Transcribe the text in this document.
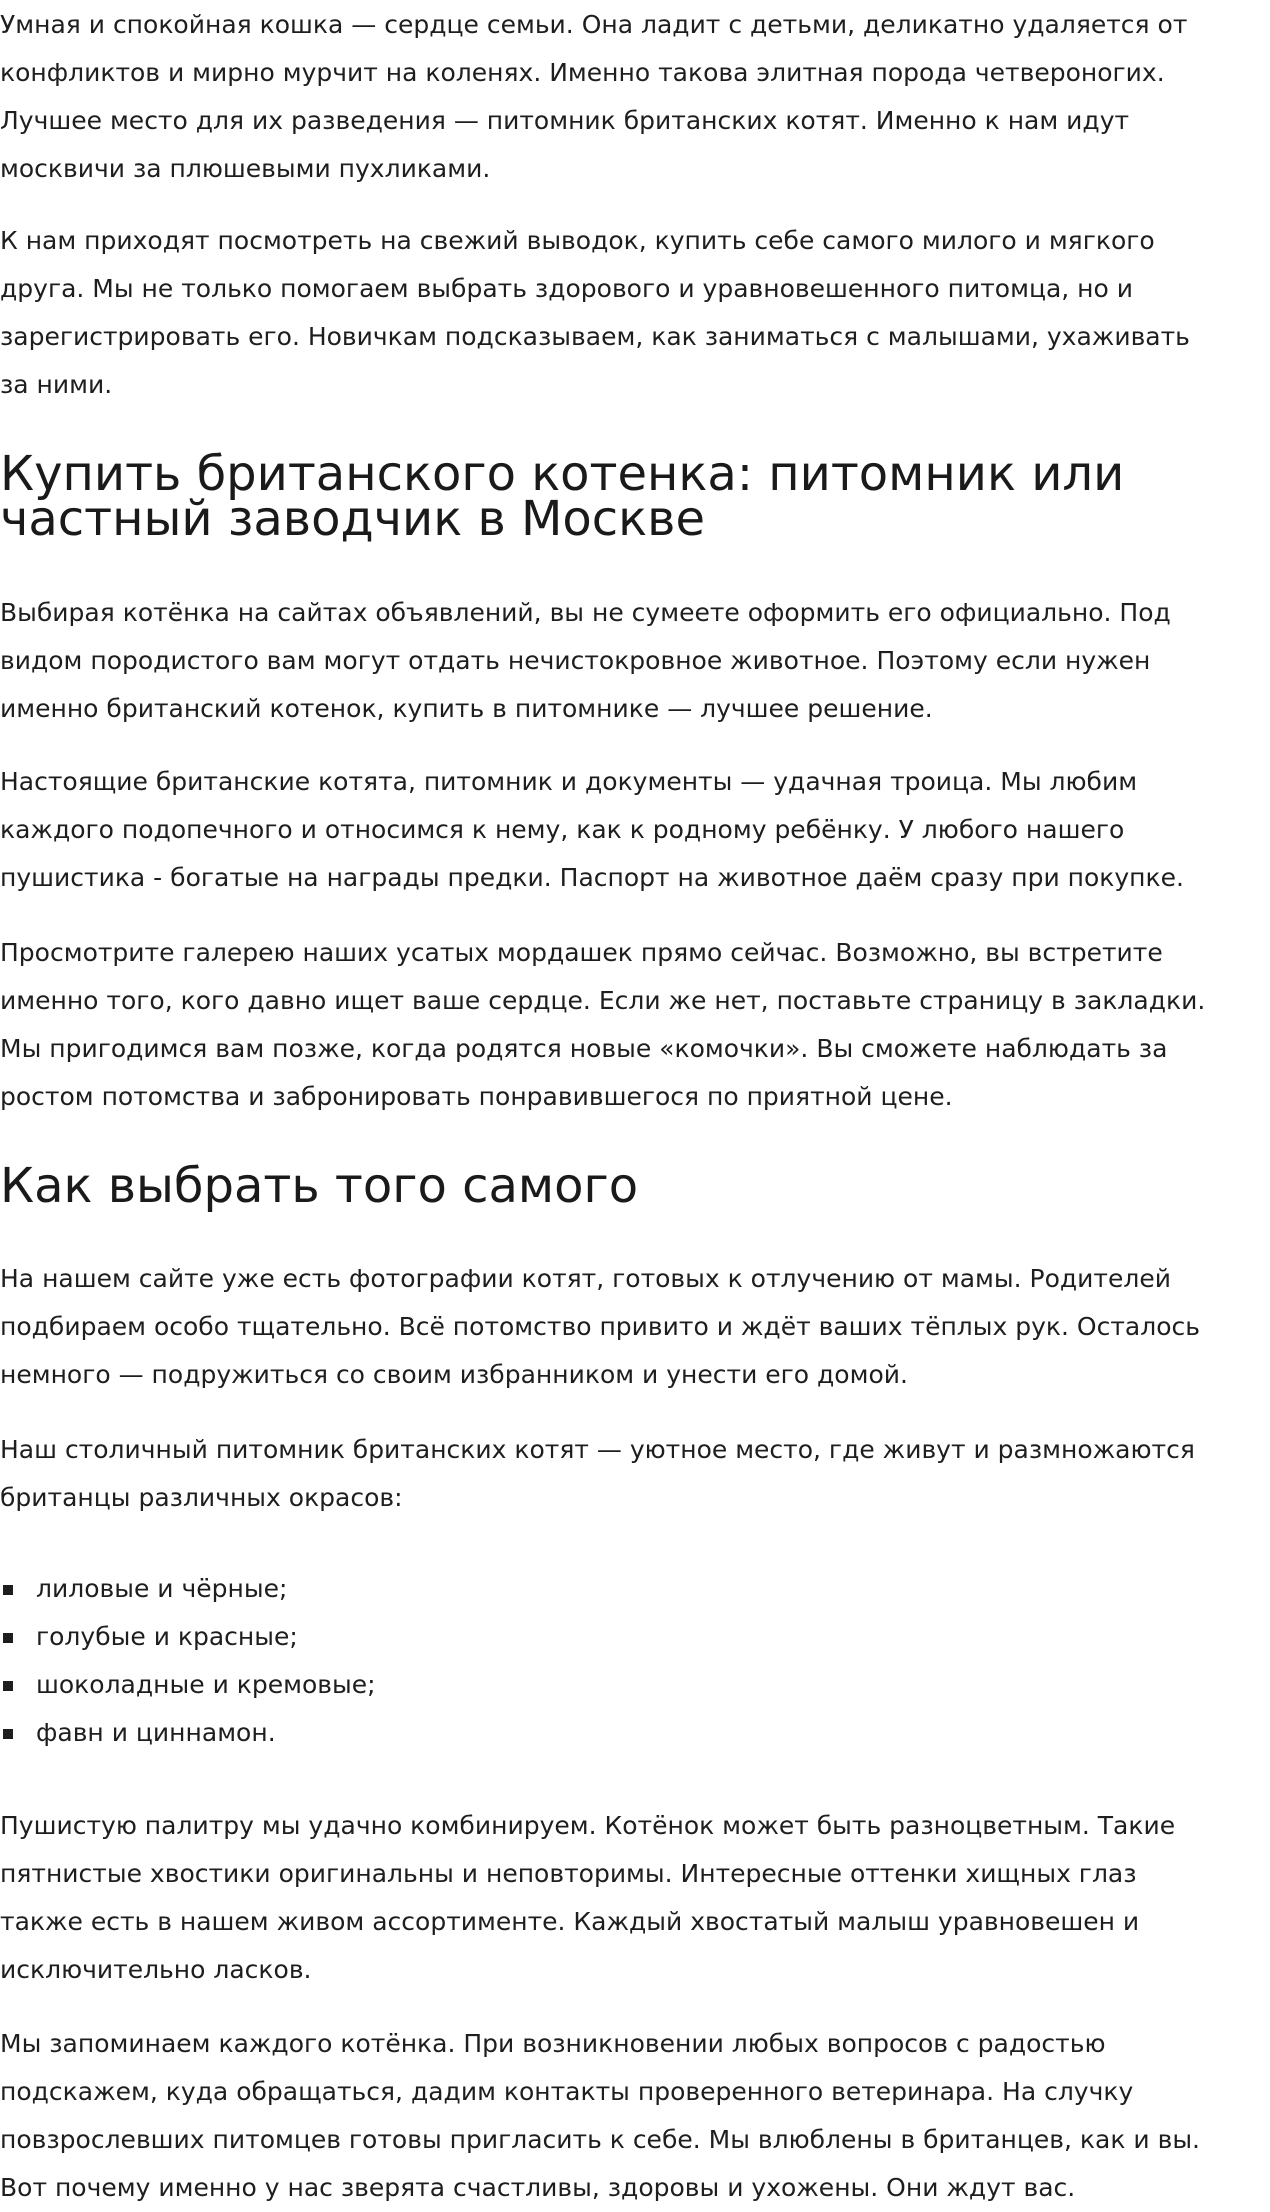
Умная и спокойная кошка — сердце семьи. Она ладит с детьми, деликатно удаляется от
конфликтов и мирно мурчит на коленях. Именно такова элитная порода четвероногих.
Лучшее место для их разведения — питомник британских котят. Именно к нам идут
москвичи за плюшевыми пухликами.

К нам приходят посмотреть на свежий выводок, купить себе самого милого и мягкого
друга. Мы не только помогаем выбрать здорового и уравновешенного питомца, но и
зарегистрировать его. Новичкам подсказываем, как заниматься с малышами, ухаживать
за ними.

Купить британского котенка: питомник или
частный заводчик в Москве

Выбирая котёнка на сайтах объявлений, вы не сумеете оформить его официально. Под
видом породистого вам могут отдать нечистокровное животное. Поэтому если нужен
именно британский котенок, купить в питомнике — лучшее решение.

Настоящие британские котята, питомник и документы — удачная троица. Мы любим
каждого подопечного и относимся к нему, как к родному ребёнку. У любого нашего
пушистика - богатые на награды предки. Паспорт на животное даём сразу при покупке.

Просмотрите галерею наших усатых мордашек прямо сейчас. Возможно, вы встретите
именно того, кого давно ищет ваше сердце. Если же нет, поставьте страницу в закладки.
Мы пригодимся вам позже, когда родятся новые «комочки». Вы сможете наблюдать за
ростом потомства и забронировать понравившегося по приятной цене.

Как выбрать того самого

На нашем сайте уже есть фотографии котят, готовых к отлучению от мамы. Родителей
подбираем особо тщательно. Всё потомство привито и ждёт ваших тёплых рук. Осталось
немного — подружиться со своим избранником и унести его домой.

Наш столичный питомник британских котят — уютное место, где живут и размножаются
британцы различных окрасов:

лиловые и чёрные;
голубые и красные;
шоколадные и кремовые;
фавн и циннамон.

Пушистую палитру мы удачно комбинируем. Котёнок может быть разноцветным. Такие
пятнистые хвостики оригинальны и неповторимы. Интересные оттенки хищных глаз
также есть в нашем живом ассортименте. Каждый хвостатый малыш уравновешен и
исключительно ласков.

Мы запоминаем каждого котёнка. При возникновении любых вопросов с радостью
подскажем, куда обращаться, дадим контакты проверенного ветеринара. На случку
повзрослевших питомцев готовы пригласить к себе. Мы влюблены в британцев, как и вы.
Вот почему именно у нас зверята счастливы, здоровы и ухожены. Они ждут вас.
